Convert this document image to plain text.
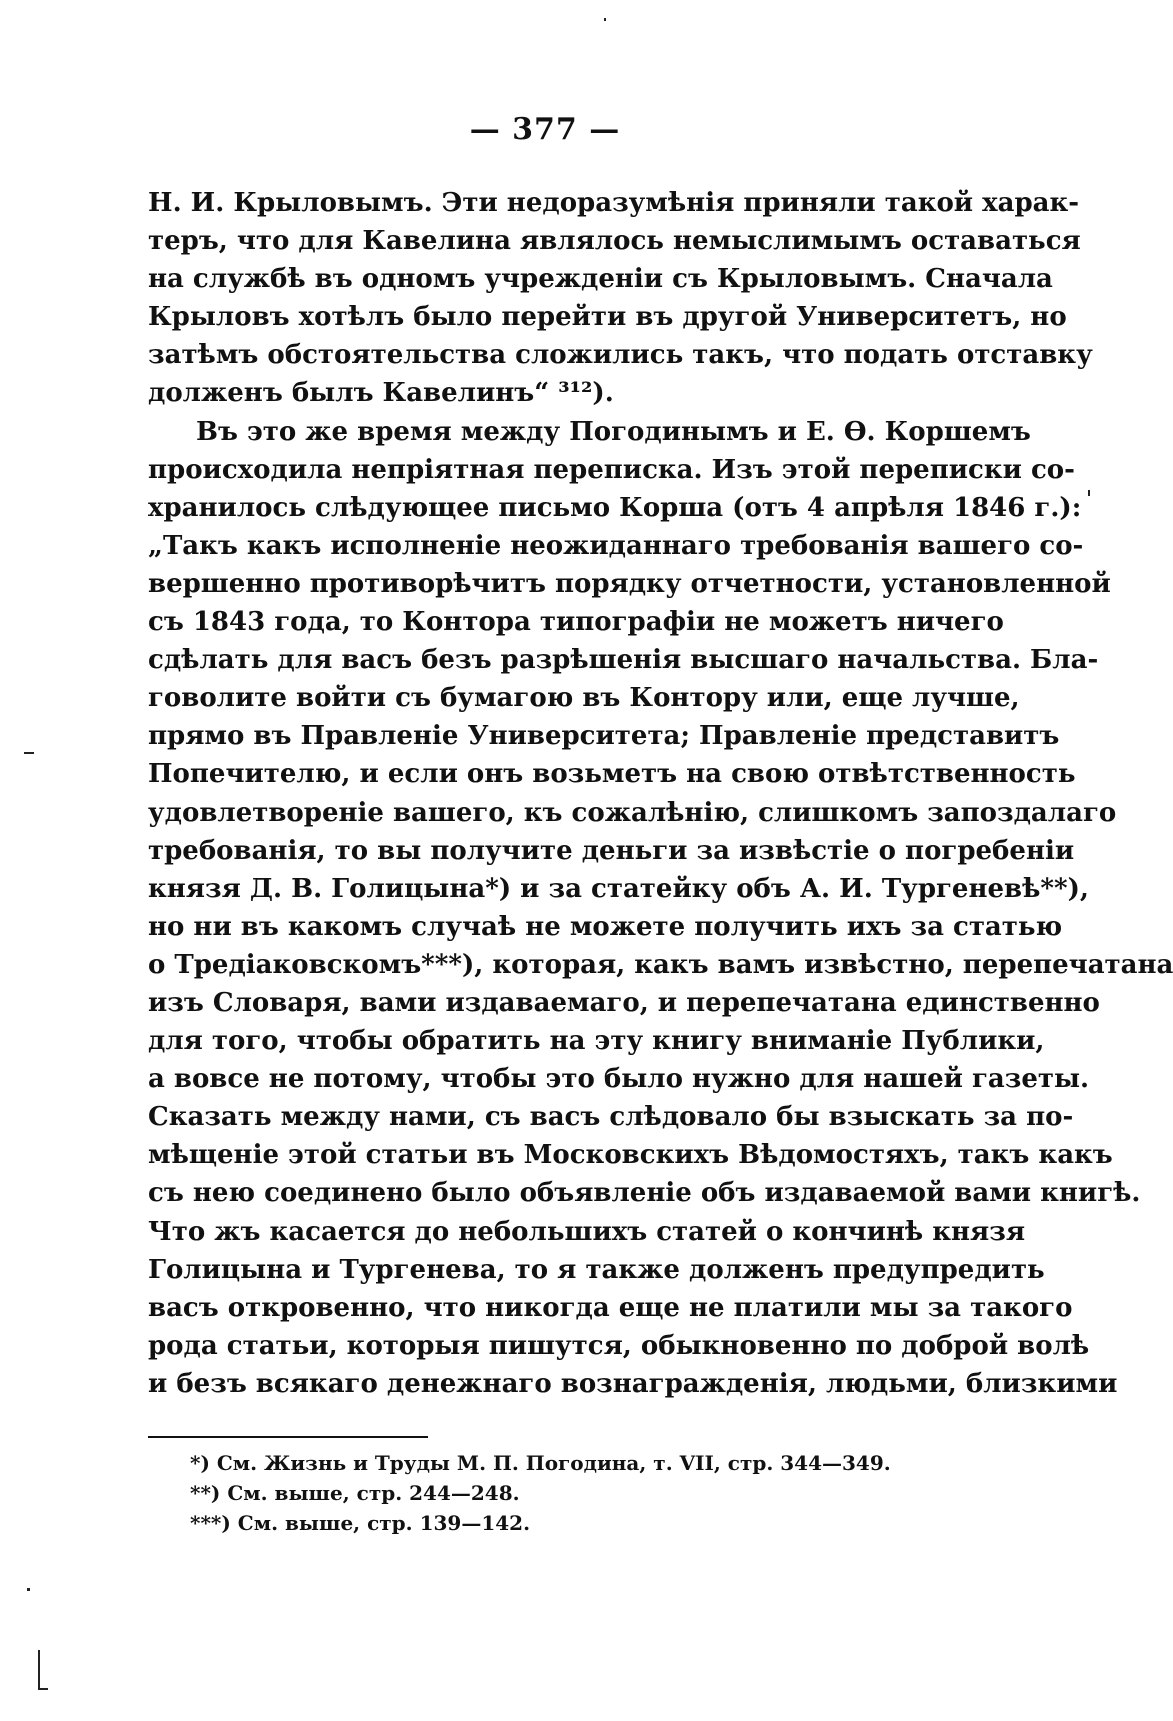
— 377 —
Н. И. Крыловымъ. Эти недоразумѣнія приняли такой харак-
теръ, что для Кавелина являлось немыслимымъ оставаться
на службѣ въ одномъ учрежденіи съ Крыловымъ. Сначала
Крыловъ хотѣлъ было перейти въ другой Университетъ, но
затѣмъ обстоятельства сложились такъ, что подать отставку
долженъ былъ Кавелинъ“ ³¹²).
Въ это же время между Погодинымъ и Е. Ѳ. Коршемъ
происходила непріятная переписка. Изъ этой переписки со-
хранилось слѣдующее письмо Корша (отъ 4 апрѣля 1846 г.):
„Такъ какъ исполненіе неожиданнаго требованія вашего со-
вершенно противорѣчитъ порядку отчетности, установленной
съ 1843 года, то Контора типографіи не можетъ ничего
сдѣлать для васъ безъ разрѣшенія высшаго начальства. Бла-
говолите войти съ бумагою въ Контору или, еще лучше,
прямо въ Правленіе Университета; Правленіе представитъ
Попечителю, и если онъ возьметъ на свою отвѣтственность
удовлетвореніе вашего, къ сожалѣнію, слишкомъ запоздалаго
требованія, то вы получите деньги за извѣстіе о погребеніи
князя Д. В. Голицына*) и за статейку объ А. И. Тургеневѣ**),
но ни въ какомъ случаѣ не можете получить ихъ за статью
о Тредіаковскомъ***), которая, какъ вамъ извѣстно, перепечатана
изъ Словаря, вами издаваемаго, и перепечатана единственно
для того, чтобы обратить на эту книгу вниманіе Публики,
а вовсе не потому, чтобы это было нужно для нашей газеты.
Сказать между нами, съ васъ слѣдовало бы взыскать за по-
мѣщеніе этой статьи въ Московскихъ Вѣдомостяхъ, такъ какъ
съ нею соединено было объявленіе объ издаваемой вами книгѣ.
Что жъ касается до небольшихъ статей о кончинѣ князя
Голицына и Тургенева, то я также долженъ предупредить
васъ откровенно, что никогда еще не платили мы за такого
рода статьи, которыя пишутся, обыкновенно по доброй волѣ
и безъ всякаго денежнаго вознагражденія, людьми, близкими
*) См. Жизнь и Труды М. П. Погодина, т. VII, стр. 344—349.
**) См. выше, стр. 244—248.
***) См. выше, стр. 139—142.
